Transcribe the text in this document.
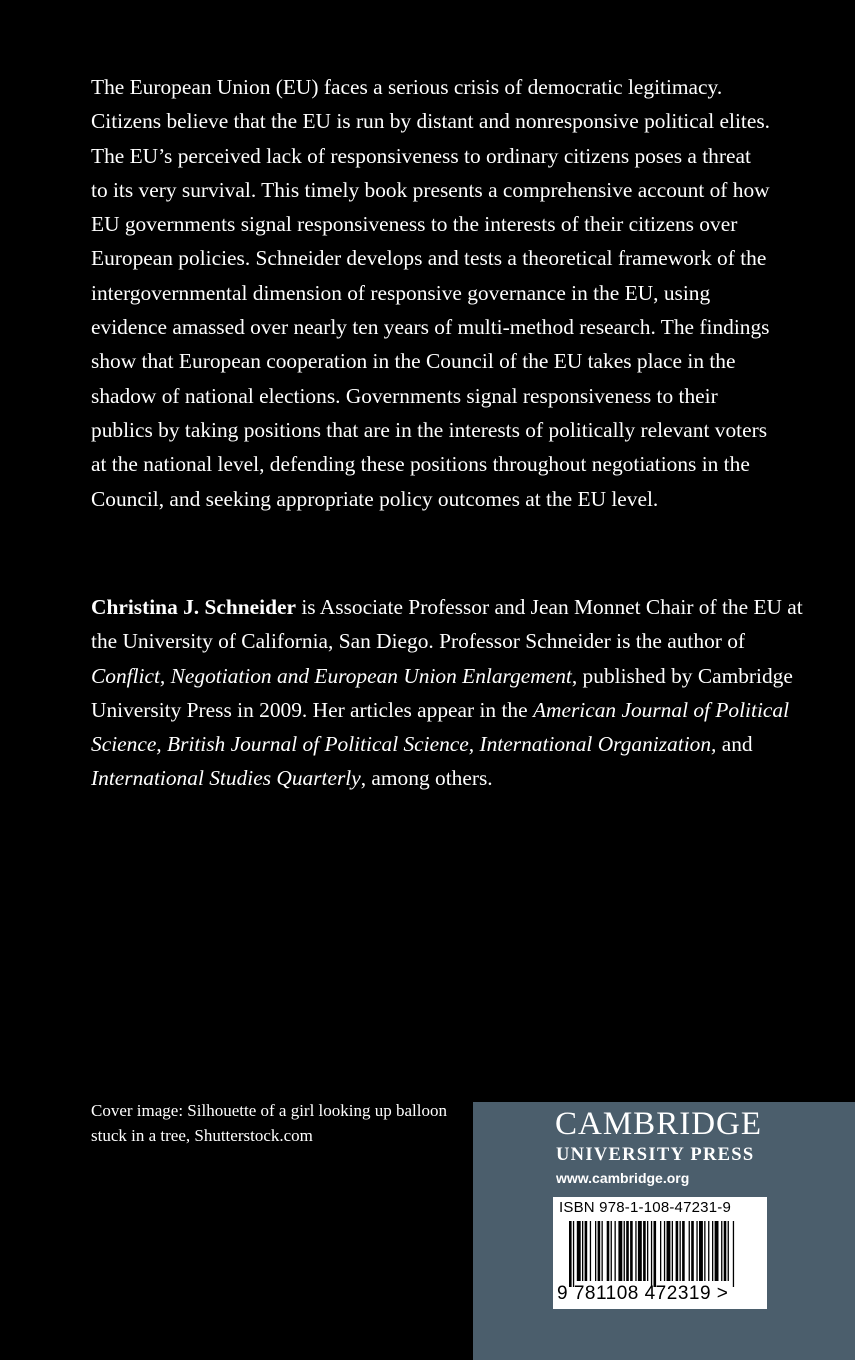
The European Union (EU) faces a serious crisis of democratic legitimacy. Citizens believe that the EU is run by distant and nonresponsive political elites. The EU’s perceived lack of responsiveness to ordinary citizens poses a threat to its very survival. This timely book presents a comprehensive account of how EU governments signal responsiveness to the interests of their citizens over European policies. Schneider develops and tests a theoretical framework of the intergovernmental dimension of responsive governance in the EU, using evidence amassed over nearly ten years of multi-method research. The findings show that European cooperation in the Council of the EU takes place in the shadow of national elections. Governments signal responsiveness to their publics by taking positions that are in the interests of politically relevant voters at the national level, defending these positions throughout negotiations in the Council, and seeking appropriate policy outcomes at the EU level.

Christina J. Schneider is Associate Professor and Jean Monnet Chair of the EU at the University of California, San Diego. Professor Schneider is the author of Conflict, Negotiation and European Union Enlargement, published by Cambridge University Press in 2009. Her articles appear in the American Journal of Political Science, British Journal of Political Science, International Organization, and International Studies Quarterly, among others.

Cover image: Silhouette of a girl looking up balloon stuck in a tree, Shutterstock.com	CAMBRIDGE
UNIVERSITY PRESS
www.cambridge.org
ISBN 978-1-108-47231-9
9 781108 472319 >
